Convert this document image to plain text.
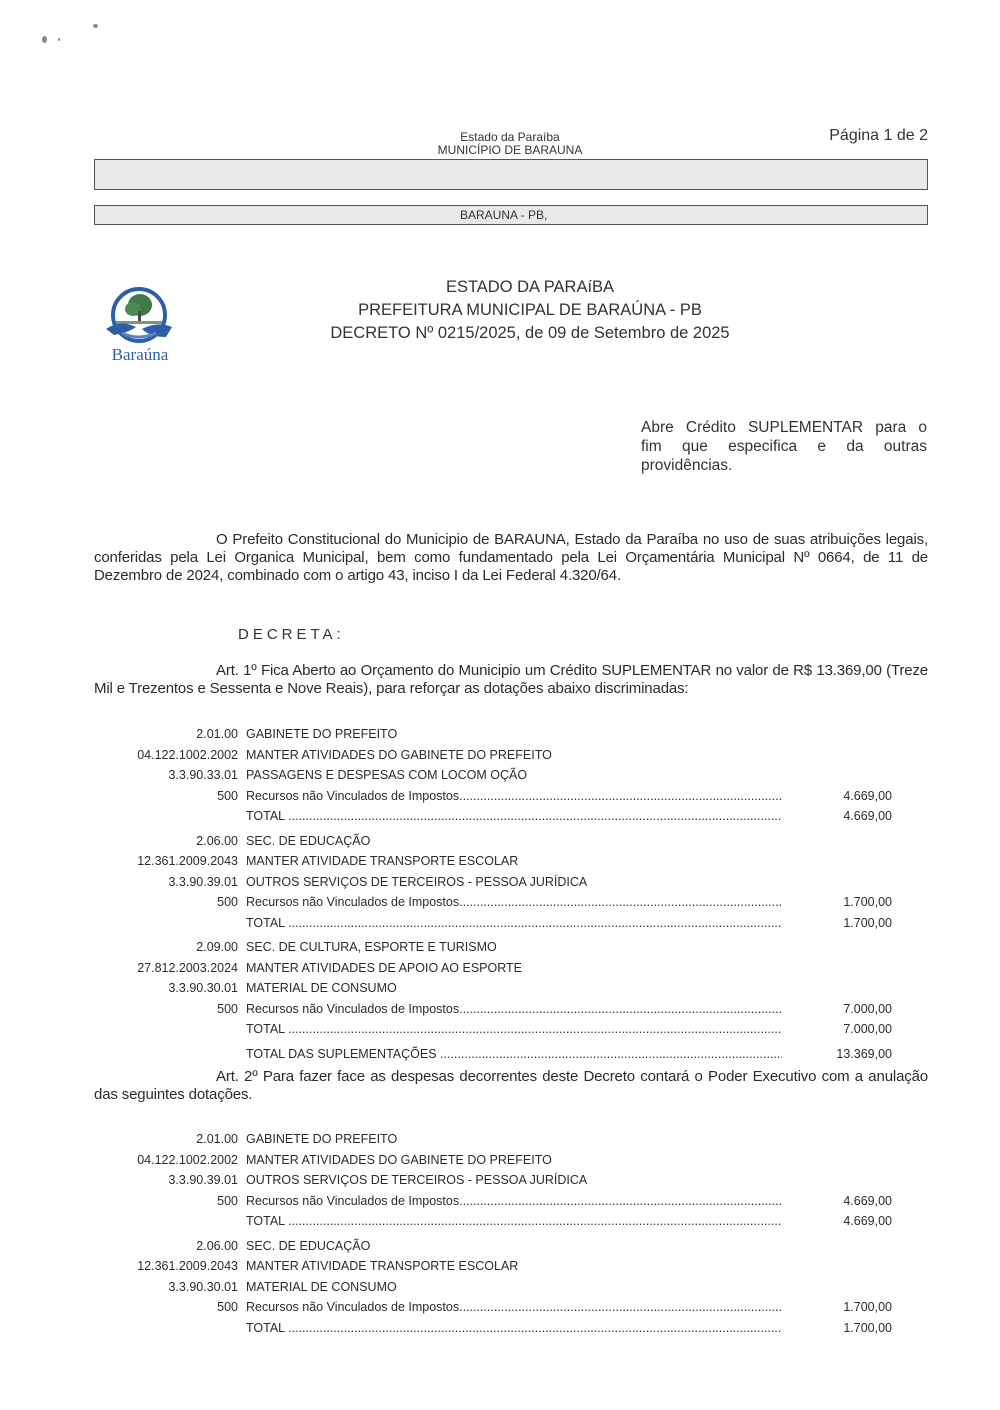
Estado da Paraíba
MUNICÍPIO DE BARAUNA
Página 1 de 2
BARAUNA - PB,
Baraúna
ESTADO DA PARAíBA
PREFEITURA MUNICIPAL DE BARAÚNA - PB
DECRETO Nº 0215/2025, de 09 de Setembro de 2025
Abre Crédito SUPLEMENTAR para o
fim que especifica e da outras providências.
O Prefeito Constitucional do Municipio de BARAUNA, Estado da Paraíba no uso de suas atribuições legais, conferidas pela Lei Organica Municipal, bem como fundamentado pela Lei Orçamentária Municipal Nº 0664, de 11 de Dezembro de 2024, combinado com o artigo 43, inciso I da Lei Federal 4.320/64.
DECRETA:
Art. 1º Fica Aberto ao Orçamento do Municipio um Crédito SUPLEMENTAR no valor de R$ 13.369,00 (Treze Mil e Trezentos e Sessenta e Nove Reais), para reforçar as dotações abaixo discriminadas:
2.01.00 GABINETE DO PREFEITO
04.122.1002.2002 MANTER ATIVIDADES DO GABINETE DO PREFEITO
3.3.90.33.01 PASSAGENS E DESPESAS COM LOCOM OÇÃO
500 Recursos não Vinculados de Impostos .....	4.669,00
TOTAL .....	4.669,00
2.06.00 SEC. DE EDUCAÇÃO
12.361.2009.2043 MANTER ATIVIDADE TRANSPORTE ESCOLAR
3.3.90.39.01 OUTROS SERVIÇOS DE TERCEIROS - PESSOA JURÍDICA
500 Recursos não Vinculados de Impostos .....	1.700,00
TOTAL .....	1.700,00
2.09.00 SEC. DE CULTURA, ESPORTE E TURISMO
27.812.2003.2024 MANTER ATIVIDADES DE APOIO AO ESPORTE
3.3.90.30.01 MATERIAL DE CONSUMO
500 Recursos não Vinculados de Impostos .....	7.000,00
TOTAL .....	7.000,00
TOTAL DAS SUPLEMENTAÇÕES .....	13.369,00
Art. 2º Para fazer face as despesas decorrentes deste Decreto contará o Poder Executivo com a anulação das seguintes dotações.
2.01.00 GABINETE DO PREFEITO
04.122.1002.2002 MANTER ATIVIDADES DO GABINETE DO PREFEITO
3.3.90.39.01 OUTROS SERVIÇOS DE TERCEIROS - PESSOA JURÍDICA
500 Recursos não Vinculados de Impostos .....	4.669,00
TOTAL .....	4.669,00
2.06.00 SEC. DE EDUCAÇÃO
12.361.2009.2043 MANTER ATIVIDADE TRANSPORTE ESCOLAR
3.3.90.30.01 MATERIAL DE CONSUMO
500 Recursos não Vinculados de Impostos .....	1.700,00
TOTAL .....	1.700,00
